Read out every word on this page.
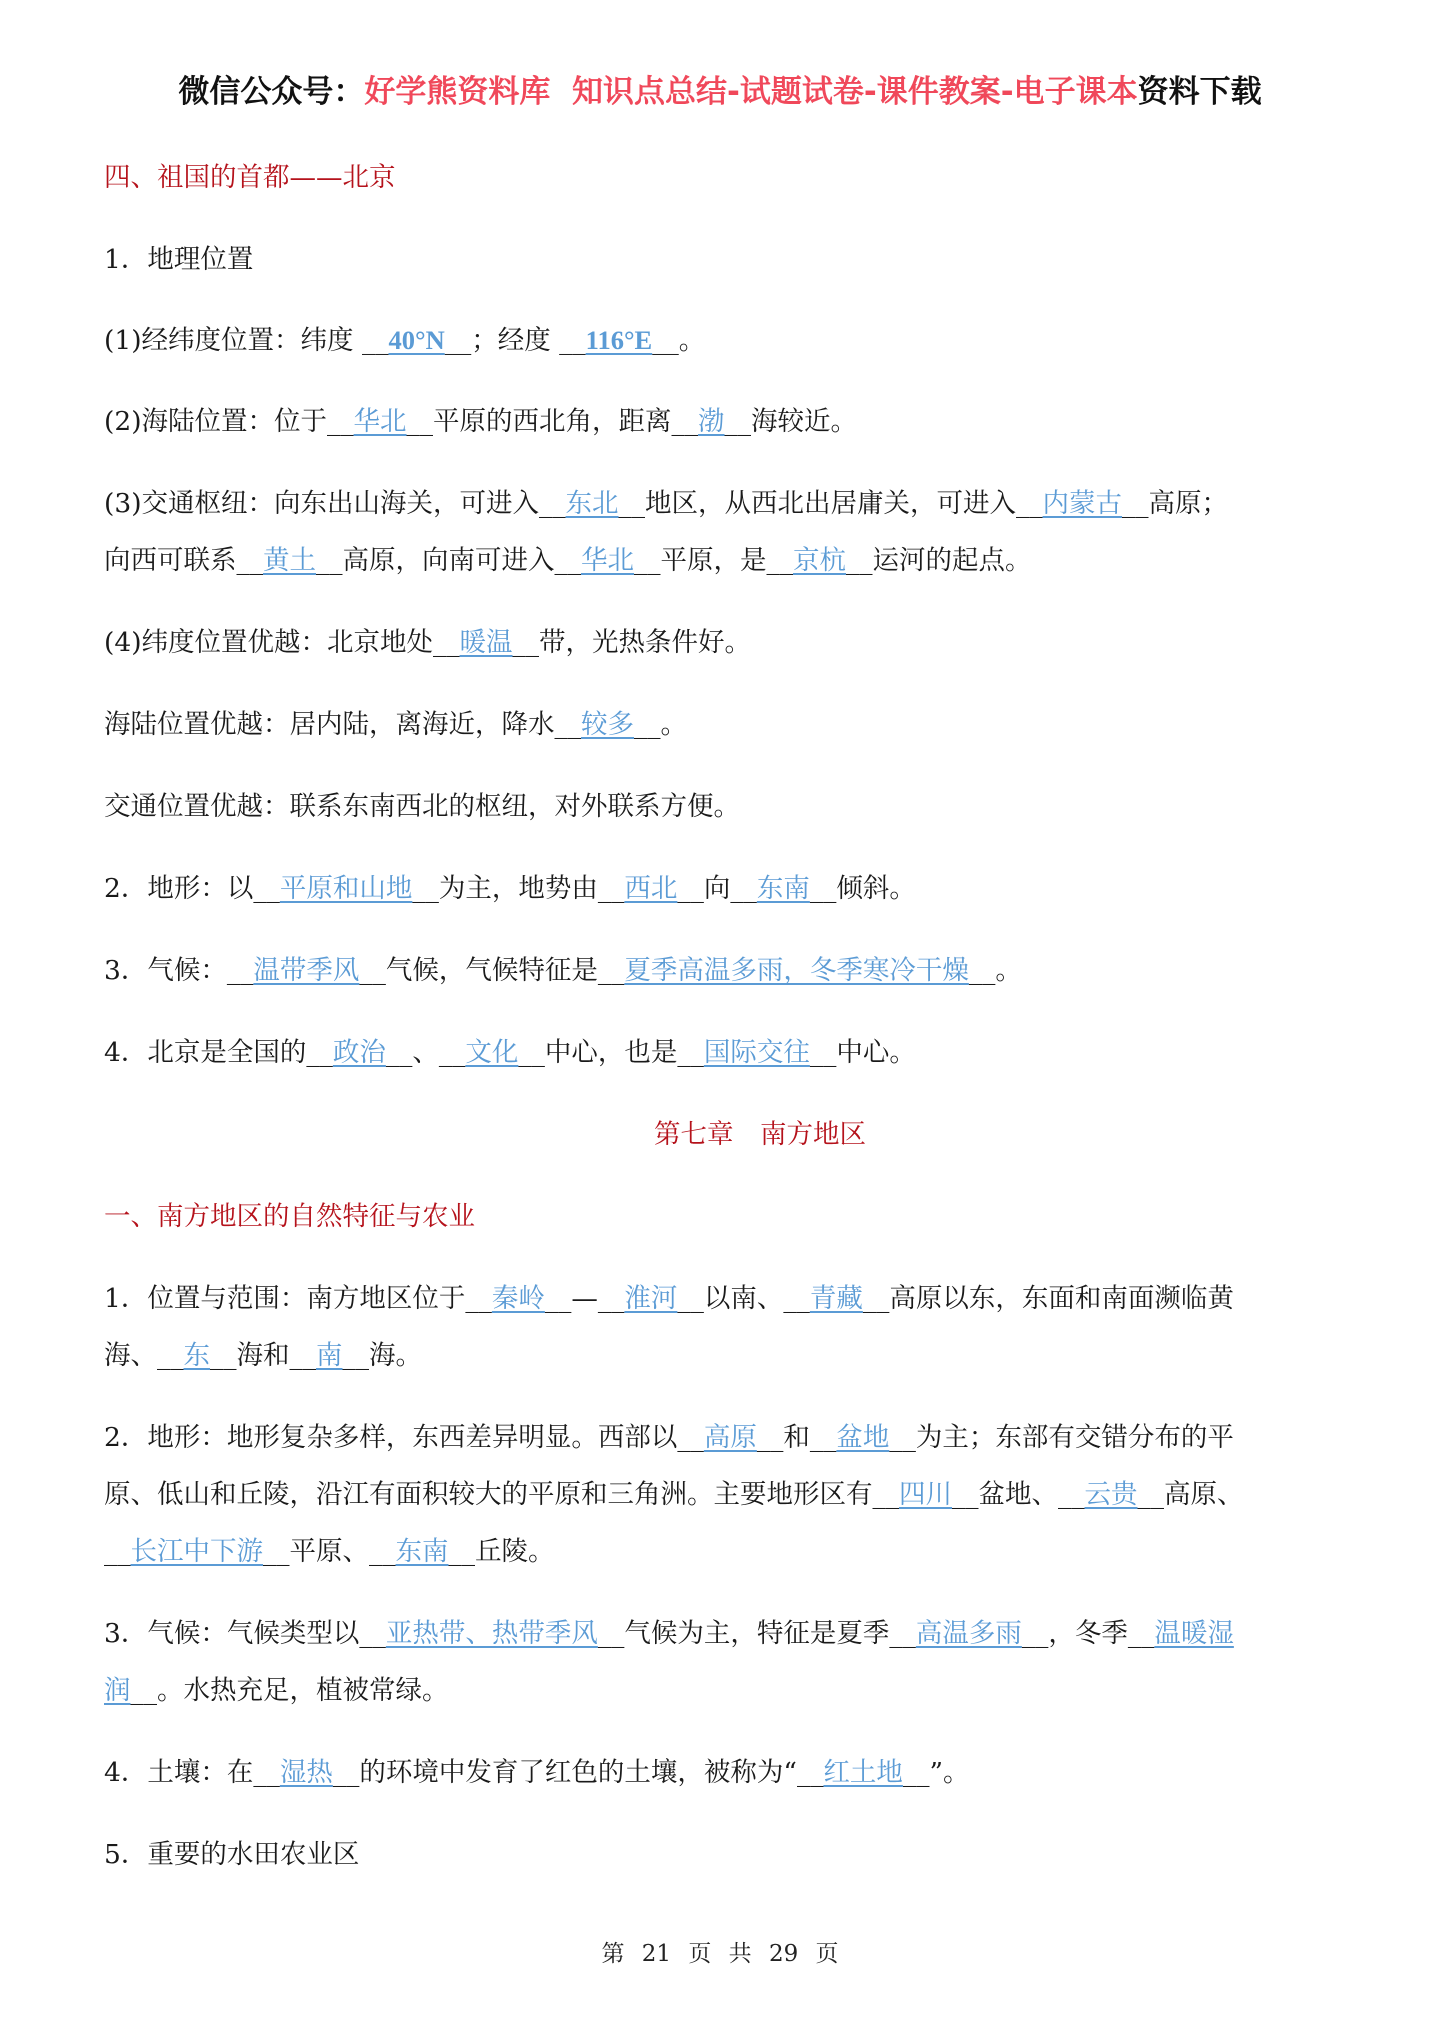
微信公众号：好学熊资料库 知识点总结-试题试卷-课件教案-电子课本资料下载
四、祖国的首都——北京
1．地理位置
(1)经纬度位置：纬度 __40°N__；经度 __116°E__。
(2)海陆位置：位于__华北__平原的西北角，距离__渤__海较近。
(3)交通枢纽：向东出山海关，可进入__东北__地区，从西北出居庸关，可进入__内蒙古__高原；
向西可联系__黄土__高原，向南可进入__华北__平原，是__京杭__运河的起点。
(4)纬度位置优越：北京地处__暖温__带，光热条件好。
海陆位置优越：居内陆，离海近，降水__较多__。
交通位置优越：联系东南西北的枢纽，对外联系方便。
2．地形：以__平原和山地__为主，地势由__西北__向__东南__倾斜。
3．气候：__温带季风__气候，气候特征是__夏季高温多雨，冬季寒冷干燥__。
4．北京是全国的__政治__、__文化__中心，也是__国际交往__中心。
第七章　南方地区
一、南方地区的自然特征与农业
1．位置与范围：南方地区位于__秦岭__—__淮河__以南、__青藏__高原以东，东面和南面濒临黄
海、__东__海和__南__海。
2．地形：地形复杂多样，东西差异明显。西部以__高原__和__盆地__为主；东部有交错分布的平
原、低山和丘陵，沿江有面积较大的平原和三角洲。主要地形区有__四川__盆地、__云贵__高原、
__长江中下游__平原、__东南__丘陵。
3．气候：气候类型以__亚热带、热带季风__气候为主，特征是夏季__高温多雨__，冬季__温暖湿
润__。水热充足，植被常绿。
4．土壤：在__湿热__的环境中发育了红色的土壤，被称为“__红土地__”。
5．重要的水田农业区
第 21 页 共 29 页
